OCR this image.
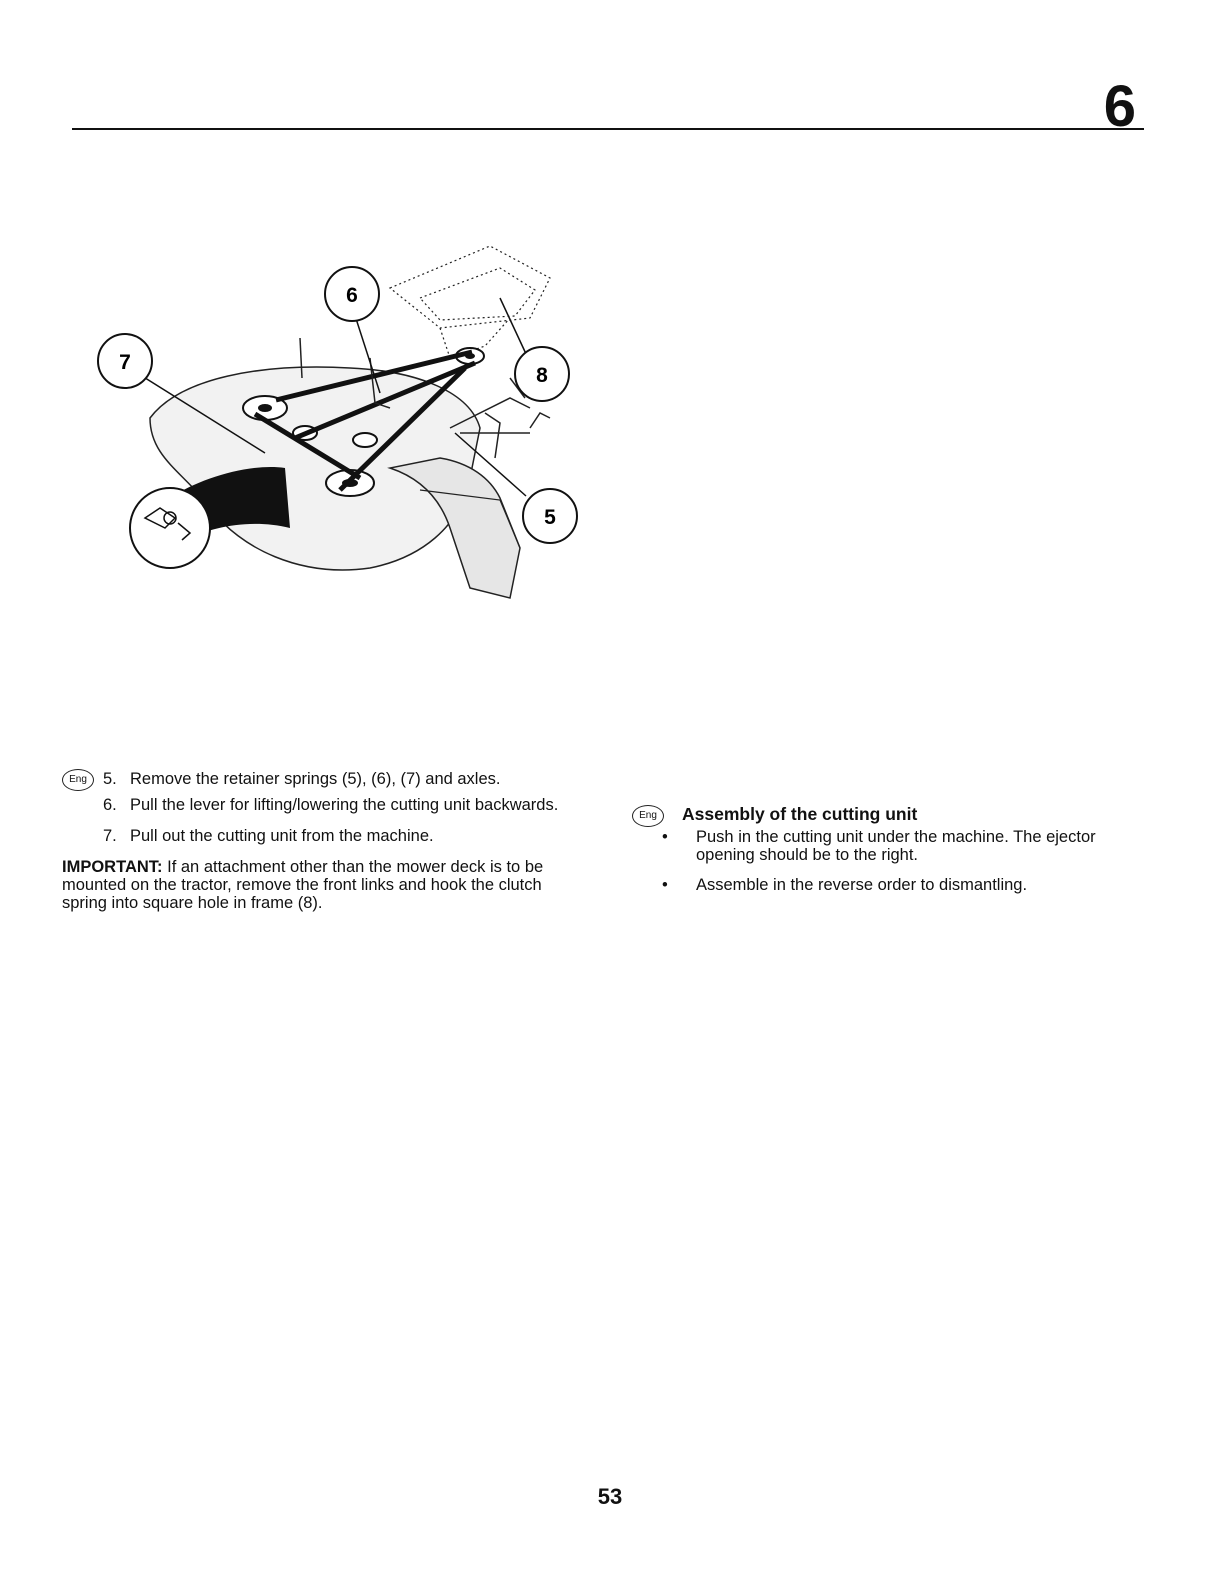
6
6
7
8
5
Eng 5. Remove the retainer springs (5), (6), (7) and axles.
6. Pull the lever for lifting/lowering the cutting unit backwards.
7. Pull out the cutting unit from the machine.
IMPORTANT: If an attachment other than the mower deck is to be mounted on the tractor, remove the front links and hook the clutch spring into square hole in frame (8).
Eng	Assembly of the cutting unit
• Push in the cutting unit under the machine. The ejector opening should be to the right.
• Assemble in the reverse order to dismantling.
53
